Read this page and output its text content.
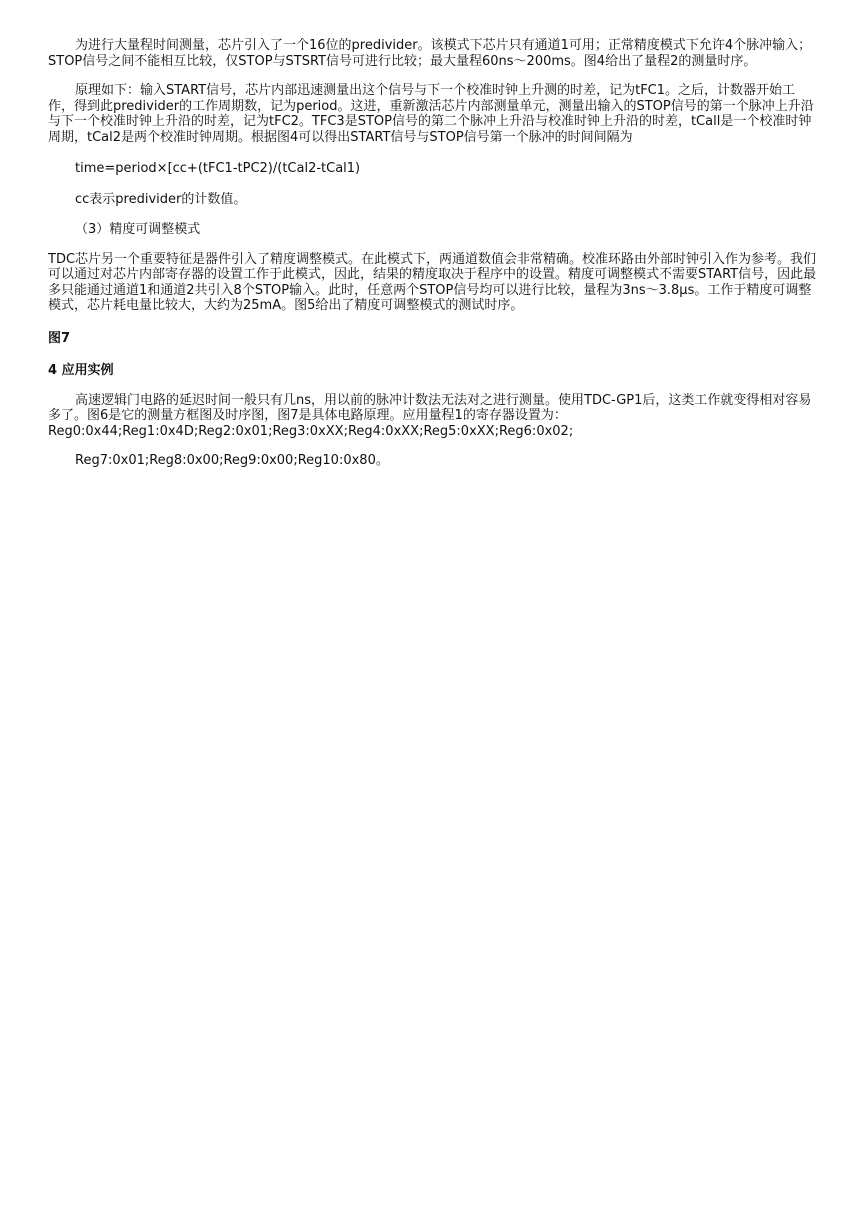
为进行大量程时间测量，芯片引入了一个16位的predivider。该模式下芯片只有通道1可用；正常精度模式下允许4个脉冲输入；STOP信号之间不能相互比较，仅STOP与STSRT信号可进行比较；最大量程60ns～200ms。图4给出了量程2的测量时序。

原理如下：输入START信号，芯片内部迅速测量出这个信号与下一个校准时钟上升测的时差，记为tFC1。之后，计数器开始工作，得到此predivider的工作周期数，记为period。这进，重新激活芯片内部测量单元，测量出输入的STOP信号的第一个脉冲上升沿与下一个校准时钟上升沿的时差，记为tFC2。TFC3是STOP信号的第二个脉冲上升沿与校准时钟上升沿的时差，tCall是一个校准时钟周期，tCal2是两个校准时钟周期。根据图4可以得出START信号与STOP信号第一个脉冲的时间间隔为

time=period×[cc+(tFC1-tPC2)/(tCal2-tCal1)

cc表示predivider的计数值。

（3）精度可调整模式

TDC芯片另一个重要特征是器件引入了精度调整模式。在此模式下，两通道数值会非常精确。校准环路由外部时钟引入作为参考。我们可以通过对芯片内部寄存器的设置工作于此模式，因此，结果的精度取决于程序中的设置。精度可调整模式不需要START信号，因此最多只能通过通道1和通道2共引入8个STOP输入。此时，任意两个STOP信号均可以进行比较，量程为3ns～3.8μs。工作于精度可调整模式，芯片耗电量比较大，大约为25mA。图5给出了精度可调整模式的测试时序。

图7

4 应用实例

高速逻辑门电路的延迟时间一般只有几ns，用以前的脉冲计数法无法对之进行测量。使用TDC-GP1后，这类工作就变得相对容易多了。图6是它的测量方框图及时序图，图7是具体电路原理。应用量程1的寄存器设置为：

Reg0:0x44;Reg1:0x4D;Reg2:0x01;Reg3:0xXX;Reg4:0xXX;Reg5:0xXX;Reg6:0x02;

Reg7:0x01;Reg8:0x00;Reg9:0x00;Reg10:0x80。
